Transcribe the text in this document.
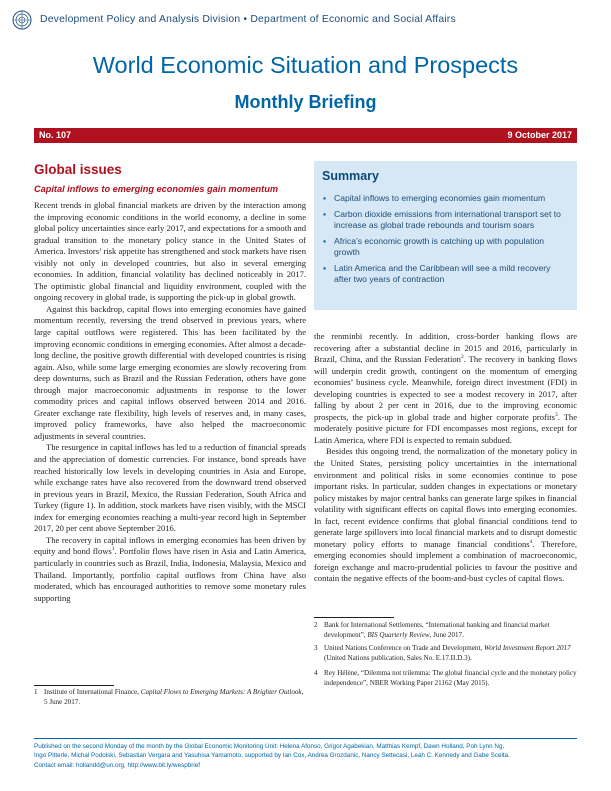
Development Policy and Analysis Division • Department of Economic and Social Affairs
World Economic Situation and Prospects
Monthly Briefing
No. 107	9 October 2017
Global issues
Capital inflows to emerging economies gain momentum

Recent trends in global financial markets are driven by the interaction among the improving economic conditions in the world economy, a decline in some global policy uncertainties since early 2017, and expectations for a smooth and gradual transition to the monetary policy stance in the United States of America. Investors’ risk appetite has strengthened and stock markets have risen visibly not only in developed countries, but also in several emerging economies. In addition, financial volatility has declined noticeably in 2017. The optimistic global financial and liquidity environment, coupled with the ongoing recovery in global trade, is supporting the pick-up in global growth.

Against this backdrop, capital flows into emerging economies have gained momentum recently, reversing the trend observed in previous years, where large capital outflows were registered. This has been facilitated by the improving economic conditions in emerging economies. After almost a decade-long decline, the positive growth differential with developed countries is rising again. Also, while some large emerging economies are slowly recovering from deep downturns, such as Brazil and the Russian Federation, others have gone through major macroeconomic adjustments in response to the lower commodity prices and capital inflows observed between 2014 and 2016. Greater exchange rate flexibility, high levels of reserves and, in many cases, improved policy frameworks, have also helped the macroeconomic adjustments in several countries.

The resurgence in capital inflows has led to a reduction of financial spreads and the appreciation of domestic currencies. For instance, bond spreads have reached historically low levels in developing countries in Asia and Europe, while exchange rates have also recovered from the downward trend observed in previous years in Brazil, Mexico, the Russian Federation, South Africa and Turkey (figure 1). In addition, stock markets have risen visibly, with the MSCI index for emerging economies reaching a multi-year record high in September 2017, 20 per cent above September 2016.

The recovery in capital inflows in emerging economies has been driven by equity and bond flows$^1$. Portfolio flows have risen in Asia and Latin America, particularly in countries such as Brazil, India, Indonesia, Malaysia, Mexico and Thailand. Importantly, portfolio capital outflows from China have also moderated, which has encouraged authorities to remove some monetary rules supporting

Summary
▪ Capital inflows to emerging economies gain momentum
▪ Carbon dioxide emissions from international transport set to increase as global trade rebounds and tourism soars
▪ Africa’s economic growth is catching up with population growth
▪ Latin America and the Caribbean will see a mild recovery after two years of contraction

the renminbi recently. In addition, cross-border banking flows are recovering after a substantial decline in 2015 and 2016, particularly in Brazil, China, and the Russian Federation$^2$. The recovery in banking flows will underpin credit growth, contingent on the momentum of emerging economies’ business cycle. Meanwhile, foreign direct investment (FDI) in developing countries is expected to see a modest recovery in 2017, after falling by about 2 per cent in 2016, due to the improving economic prospects, the pick-up in global trade and higher corporate profits$^3$. The moderately positive picture for FDI encompasses most regions, except for Latin America, where FDI is expected to remain subdued.

Besides this ongoing trend, the normalization of the monetary policy in the United States, persisting policy uncertainties in the international environment and political risks in some economies continue to pose important risks. In particular, sudden changes in expectations or monetary policy mistakes by major central banks can generate large spikes in financial volatility with significant effects on capital flows into emerging economies. In fact, recent evidence confirms that global financial conditions tend to generate large spillovers into local financial markets and to disrupt domestic monetary policy efforts to manage financial conditions$^4$. Therefore, emerging economies should implement a combination of macroeconomic, foreign exchange and macro-prudential policies to favour the positive and contain the negative effects of the boom-and-bust cycles of capital flows.

1 Institute of International Finance, Capital Flows to Emerging Markets: A Brighter Outlook, 5 June 2017.
2 Bank for International Settlements, “International banking and financial market development”, BIS Quarterly Review, June 2017.
3 United Nations Conference on Trade and Development, World Investment Report 2017 (United Nations publication, Sales No. E.17.II.D.3).
4 Rey Hélène, “Dilemma not trilemma: The global financial cycle and the monetary policy independence”, NBER Working Paper 21162 (May 2015).
Published on the second Monday of the month by the Global Economic Monitoring Unit: Helena Afonso, Grigor Agabekian, Matthias Kempf, Dawn Holland, Poh Lynn Ng,
Ingo Pitterle, Michal Podolski, Sebastian Vergara and Yasuhisa Yamamoto, supported by Ian Cox, Andrea Grozdanic, Nancy Settecasi, Leah C. Kennedy and Gabe Scelta.
Contact email: hollandd@un.org, http://www.bit.ly/wespbrief
